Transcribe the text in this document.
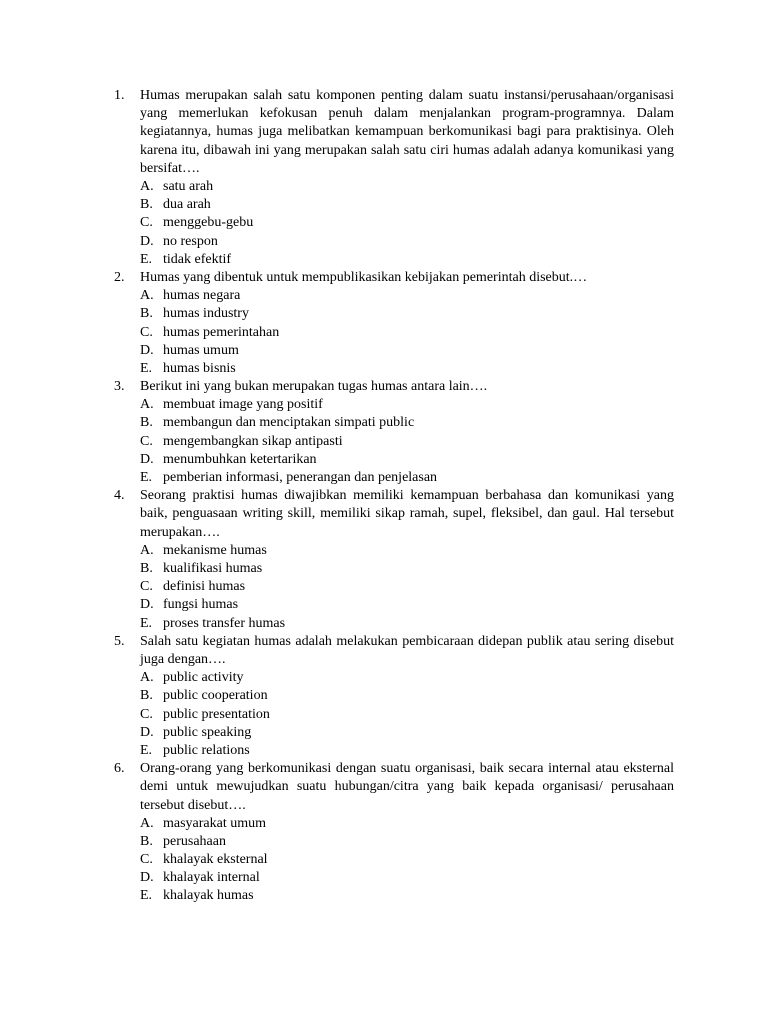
1.	Humas merupakan salah satu komponen penting dalam suatu instansi/perusahaan/organisasi yang memerlukan kefokusan penuh dalam menjalankan program-programnya. Dalam kegiatannya, humas juga melibatkan kemampuan berkomunikasi bagi para praktisinya. Oleh karena itu, dibawah ini yang merupakan salah satu ciri humas adalah adanya komunikasi yang bersifat….
A. satu arah
B. dua arah
C. menggebu-gebu
D. no respon
E. tidak efektif
2.	Humas yang dibentuk untuk mempublikasikan kebijakan pemerintah disebut.…
A. humas negara
B. humas industry
C. humas pemerintahan
D. humas umum
E. humas bisnis
3.	Berikut ini yang bukan merupakan tugas humas antara lain….
A. membuat image yang positif
B. membangun dan menciptakan simpati public
C. mengembangkan sikap antipasti
D. menumbuhkan ketertarikan
E. pemberian informasi, penerangan dan penjelasan
4.	Seorang praktisi humas diwajibkan memiliki kemampuan berbahasa dan komunikasi yang baik, penguasaan writing skill, memiliki sikap ramah, supel, fleksibel, dan gaul. Hal tersebut merupakan….
A. mekanisme humas
B. kualifikasi humas
C. definisi humas
D. fungsi humas
E. proses transfer humas
5.	Salah satu kegiatan humas adalah melakukan pembicaraan didepan publik atau sering disebut juga dengan….
A. public activity
B. public cooperation
C. public presentation
D. public speaking
E. public relations
6.	Orang-orang yang berkomunikasi dengan suatu organisasi, baik secara internal atau eksternal demi untuk mewujudkan suatu hubungan/citra yang baik kepada organisasi/ perusahaan tersebut disebut….
A. masyarakat umum
B. perusahaan
C. khalayak eksternal
D. khalayak internal
E. khalayak humas
